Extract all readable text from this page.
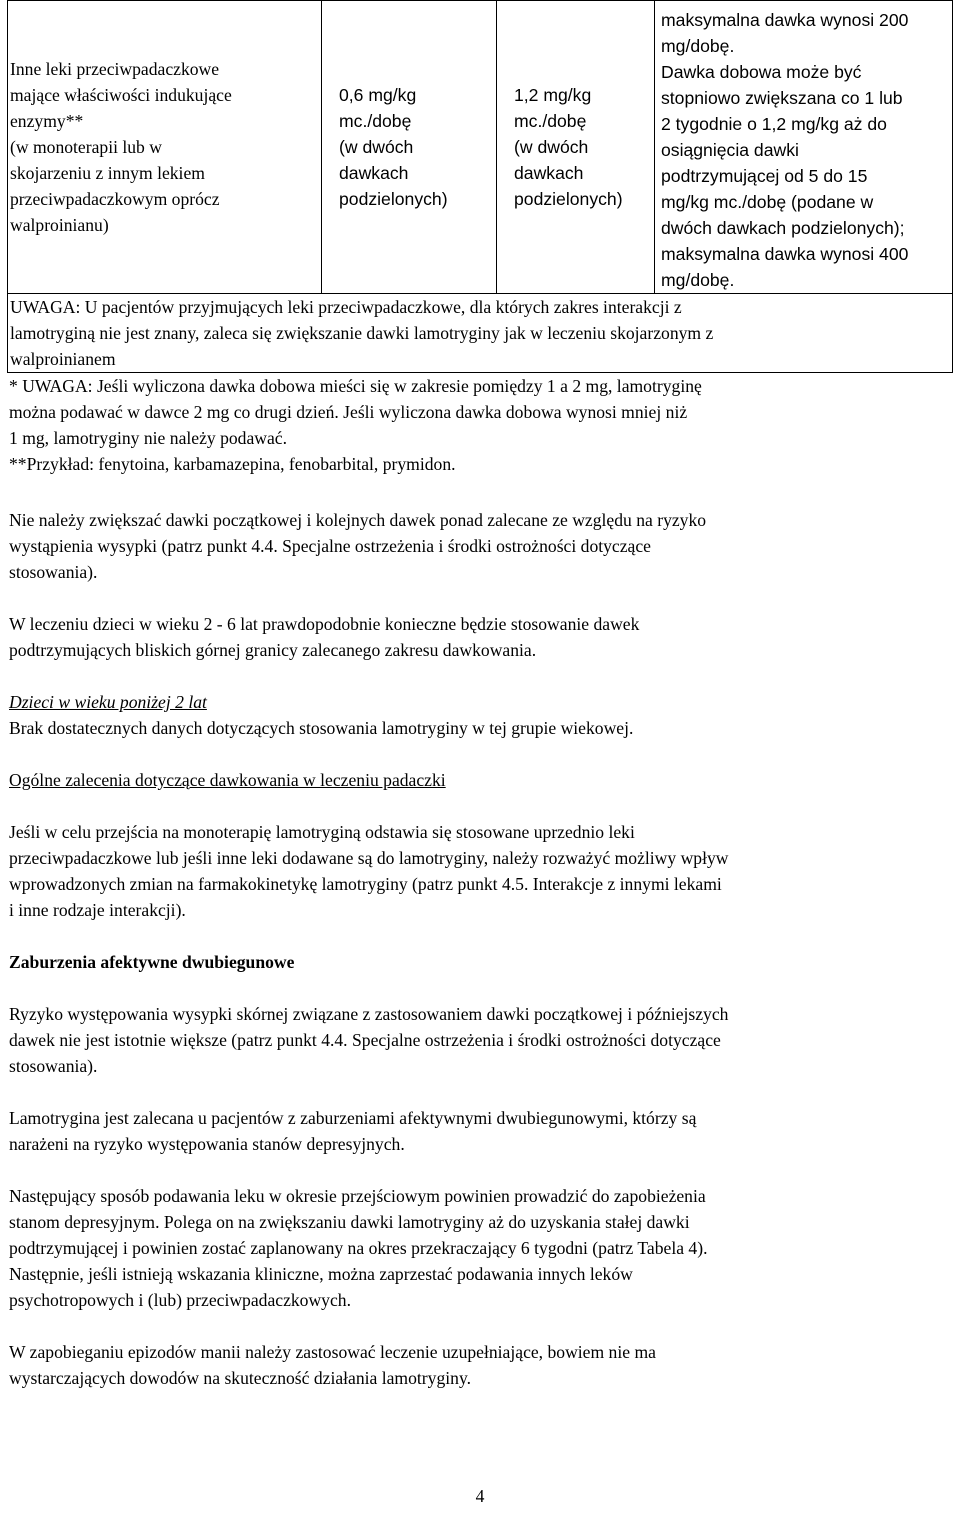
Inne leki przeciwpadaczkowe
mające właściwości indukujące
enzymy**
(w monoterapii lub w
skojarzeniu z innym lekiem
przeciwpadaczkowym oprócz
walproinianu)

0,6 mg/kg
mc./dobę
(w dwóch
dawkach
podzielonych)

1,2 mg/kg
mc./dobę
(w dwóch
dawkach
podzielonych)

maksymalna dawka wynosi 200
mg/dobę.
Dawka dobowa może być
stopniowo zwiększana co 1 lub
2 tygodnie o 1,2 mg/kg aż do
osiągnięcia dawki
podtrzymującej od 5 do 15
mg/kg mc./dobę (podane w
dwóch dawkach podzielonych);
maksymalna dawka wynosi 400
mg/dobę.

UWAGA: U pacjentów przyjmujących leki przeciwpadaczkowe, dla których zakres interakcji z
lamotryginą nie jest znany, zaleca się zwiększanie dawki lamotryginy jak w leczeniu skojarzonym z
walproinianem
* UWAGA: Jeśli wyliczona dawka dobowa mieści się w zakresie pomiędzy 1 a 2 mg, lamotryginę
można podawać w dawce 2 mg co drugi dzień. Jeśli wyliczona dawka dobowa wynosi mniej niż
1 mg, lamotryginy nie należy podawać.
**Przykład: fenytoina, karbamazepina, fenobarbital, prymidon.
Nie należy zwiększać dawki początkowej i kolejnych dawek ponad zalecane ze względu na ryzyko
wystąpienia wysypki (patrz punkt 4.4. Specjalne ostrzeżenia i środki ostrożności dotyczące
stosowania).
W leczeniu dzieci w wieku 2 - 6 lat prawdopodobnie konieczne będzie stosowanie dawek
podtrzymujących bliskich górnej granicy zalecanego zakresu dawkowania.
Dzieci w wieku poniżej 2 lat
Brak dostatecznych danych dotyczących stosowania lamotryginy w tej grupie wiekowej.
Ogólne zalecenia dotyczące dawkowania w leczeniu padaczki
Jeśli w celu przejścia na monoterapię lamotryginą odstawia się stosowane uprzednio leki
przeciwpadaczkowe lub jeśli inne leki dodawane są do lamotryginy, należy rozważyć możliwy wpływ
wprowadzonych zmian na farmakokinetykę lamotryginy (patrz punkt 4.5. Interakcje z innymi lekami
i inne rodzaje interakcji).
Zaburzenia afektywne dwubiegunowe
Ryzyko występowania wysypki skórnej związane z zastosowaniem dawki początkowej i późniejszych
dawek nie jest istotnie większe (patrz punkt 4.4. Specjalne ostrzeżenia i środki ostrożności dotyczące
stosowania).
Lamotrygina jest zalecana u pacjentów z zaburzeniami afektywnymi dwubiegunowymi, którzy są
narażeni na ryzyko występowania stanów depresyjnych.
Następujący sposób podawania leku w okresie przejściowym powinien prowadzić do zapobieżenia
stanom depresyjnym. Polega on na zwiększaniu dawki lamotryginy aż do uzyskania stałej dawki
podtrzymującej i powinien zostać zaplanowany na okres przekraczający 6 tygodni (patrz Tabela 4).
Następnie, jeśli istnieją wskazania kliniczne, można zaprzestać podawania innych leków
psychotropowych i (lub) przeciwpadaczkowych.
W zapobieganiu epizodów manii należy zastosować leczenie uzupełniające, bowiem nie ma
wystarczających dowodów na skuteczność działania lamotryginy.
4
